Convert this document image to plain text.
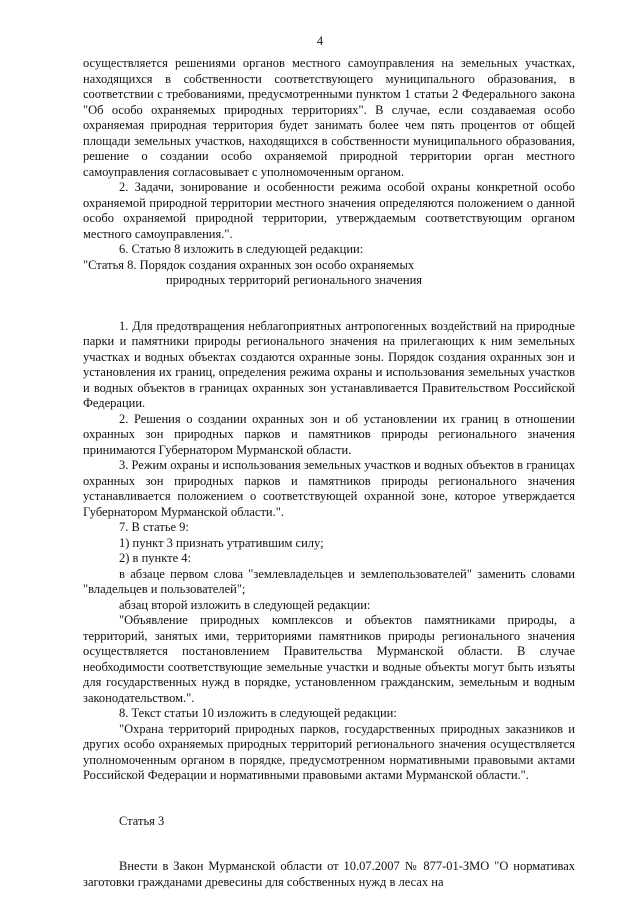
4

осуществляется решениями органов местного самоуправления на земельных участках, находящихся в собственности соответствующего муниципального образования, в соответствии с требованиями, предусмотренными пунктом 1 статьи 2 Федерального закона "Об особо охраняемых природных территориях". В случае, если создаваемая особо охраняемая природная территория будет занимать более чем пять процентов от общей площади земельных участков, находящихся в собственности муниципального образования, решение о создании особо охраняемой природной территории орган местного самоуправления согласовывает с уполномоченным органом.

2. Задачи, зонирование и особенности режима особой охраны конкретной особо охраняемой природной территории местного значения определяются положением о данной особо охраняемой природной территории, утверждаемым соответствующим органом местного самоуправления.".

6. Статью 8 изложить в следующей редакции:

"Статья 8. Порядок создания охранных зон особо охраняемых
природных территорий регионального значения

1. Для предотвращения неблагоприятных антропогенных воздействий на природные парки и памятники природы регионального значения на прилегающих к ним земельных участках и водных объектах создаются охранные зоны. Порядок создания охранных зон и установления их границ, определения режима охраны и использования земельных участков и водных объектов в границах охранных зон устанавливается Правительством Российской Федерации.

2. Решения о создании охранных зон и об установлении их границ в отношении охранных зон природных парков и памятников природы регионального значения принимаются Губернатором Мурманской области.

3. Режим охраны и использования земельных участков и водных объектов в границах охранных зон природных парков и памятников природы регионального значения устанавливается положением о соответствующей охранной зоне, которое утверждается Губернатором Мурманской области.".

7. В статье 9:

1) пункт 3 признать утратившим силу;

2) в пункте 4:

в абзаце первом слова "землевладельцев и землепользователей" заменить словами "владельцев и пользователей";

абзац второй изложить в следующей редакции:

"Объявление природных комплексов и объектов памятниками природы, а территорий, занятых ими, территориями памятников природы регионального значения осуществляется постановлением Правительства Мурманской области. В случае необходимости соответствующие земельные участки и водные объекты могут быть изъяты для государственных нужд в порядке, установленном гражданским, земельным и водным законодательством.".

8. Текст статьи 10 изложить в следующей редакции:

"Охрана территорий природных парков, государственных природных заказников и других особо охраняемых природных территорий регионального значения осуществляется уполномоченным органом в порядке, предусмотренном нормативными правовыми актами Российской Федерации и нормативными правовыми актами Мурманской области.".

Статья 3

Внести в Закон Мурманской области от 10.07.2007 № 877-01-ЗМО "О нормативах заготовки гражданами древесины для собственных нужд в лесах на
